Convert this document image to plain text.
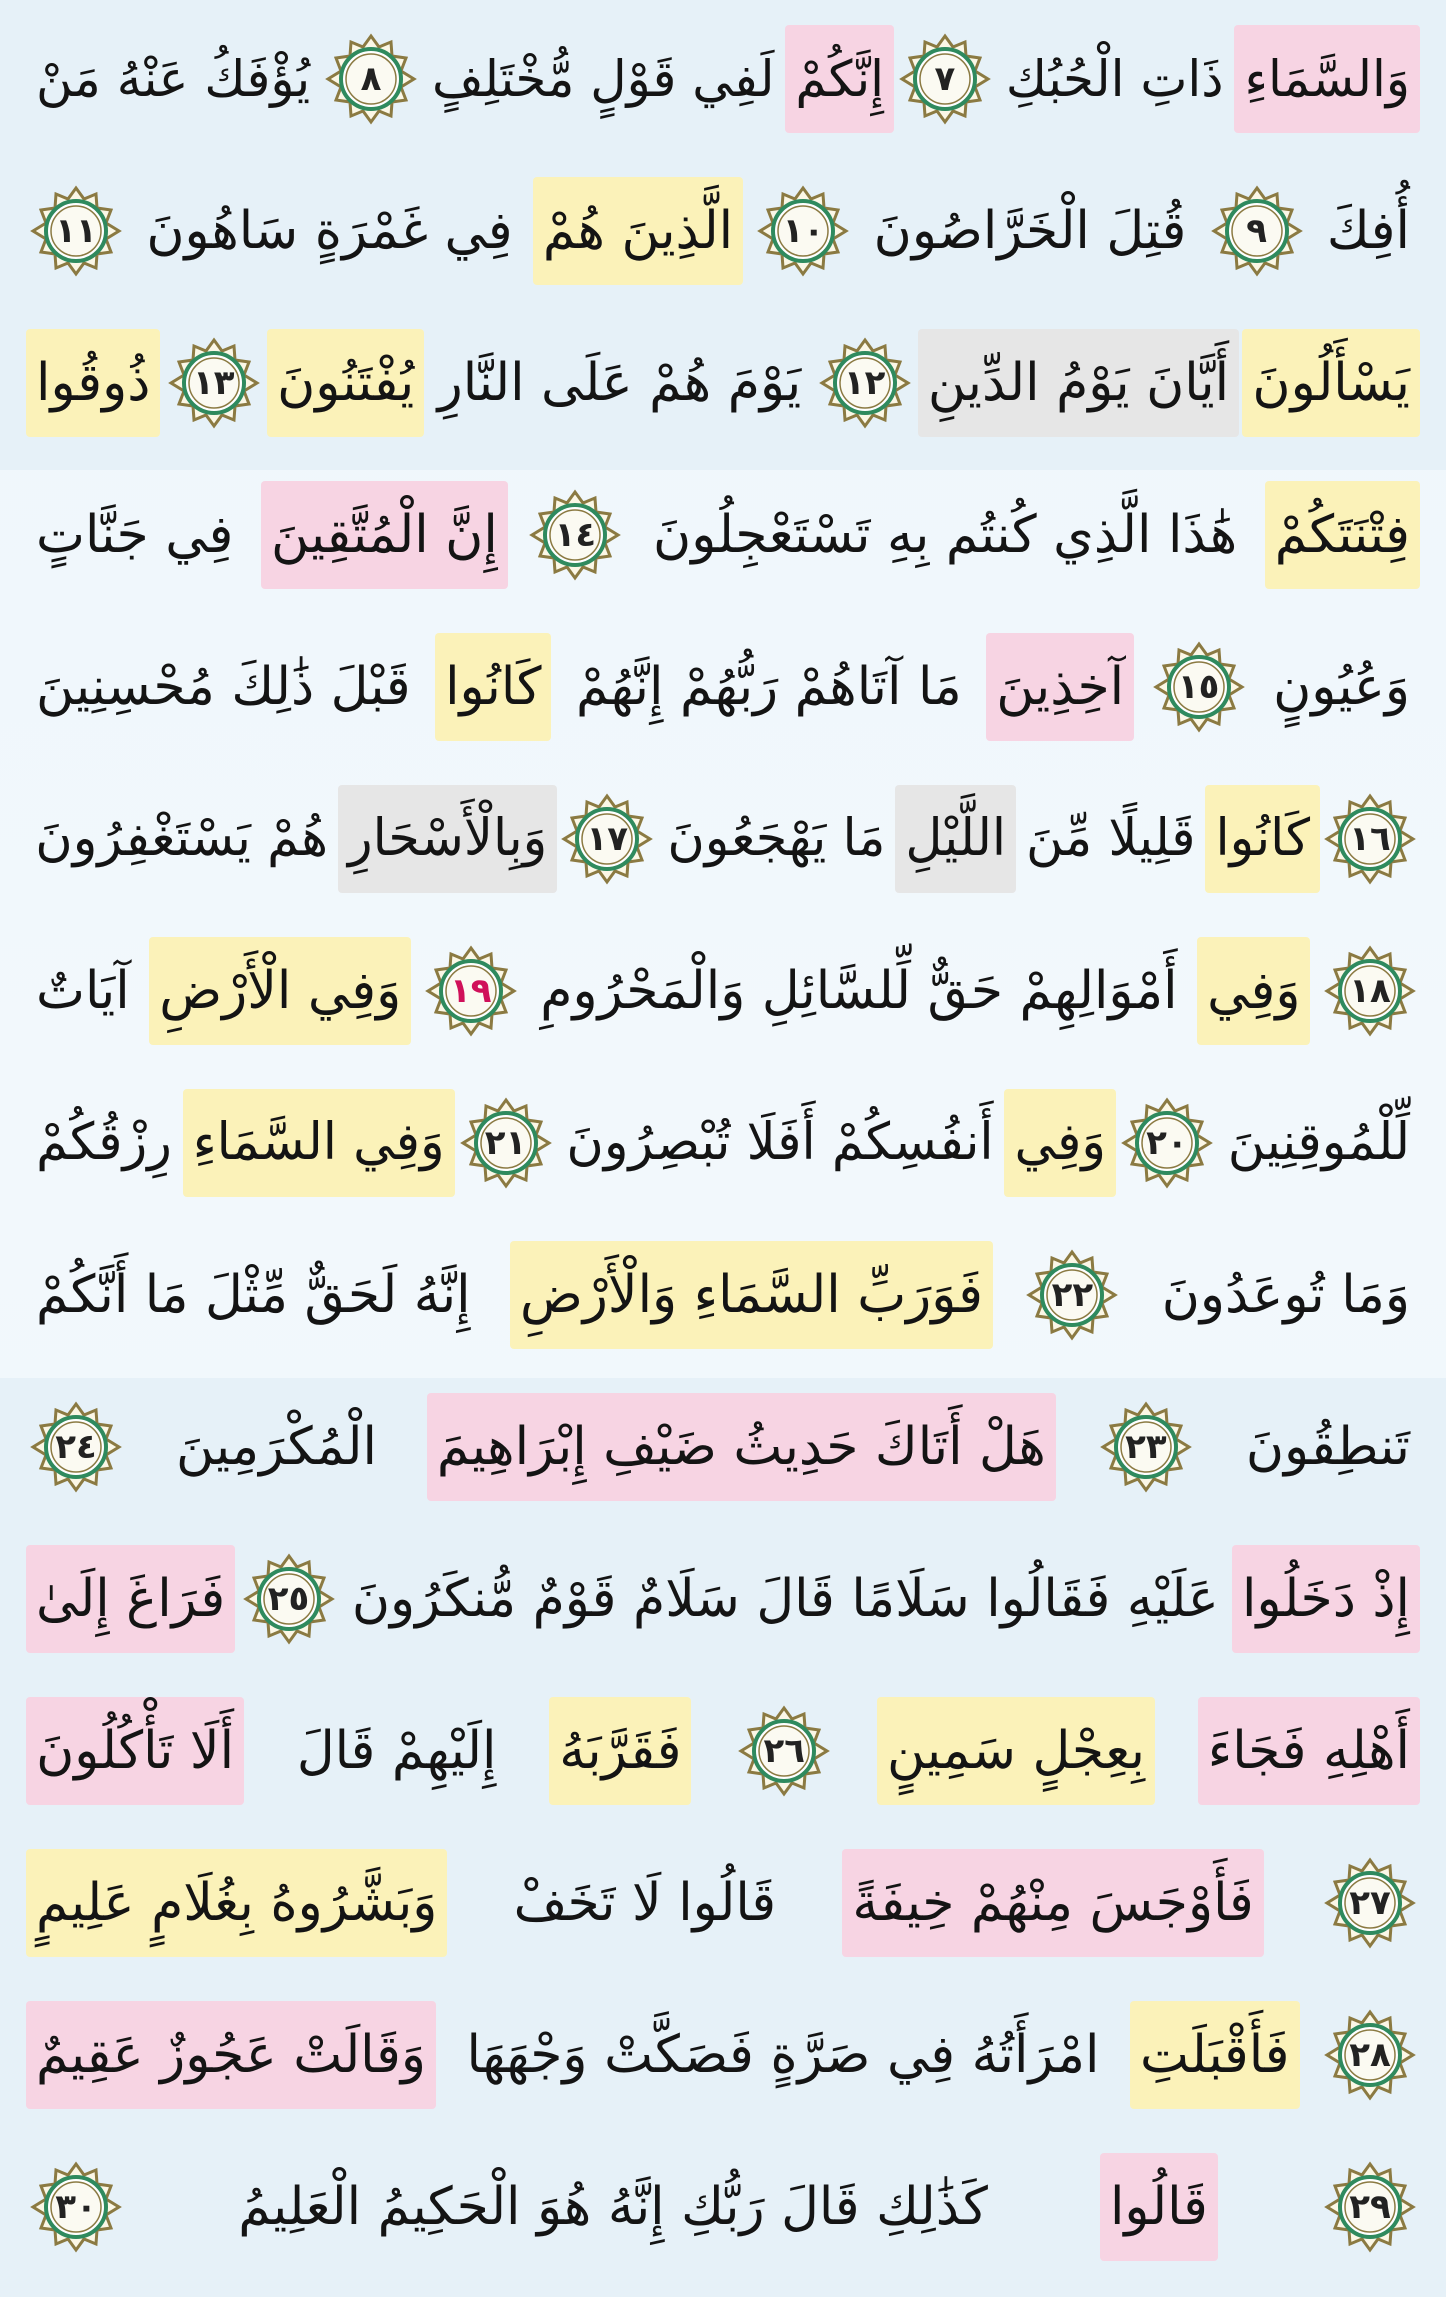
وَالسَّمَاءِ
ذَاتِ الْحُبُكِ
٧
إِنَّكُمْ
لَفِي قَوْلٍ مُّخْتَلِفٍ
٨
يُؤْفَكُ عَنْهُ مَنْ
أُفِكَ
٩
قُتِلَ الْخَرَّاصُونَ
١٠
الَّذِينَ هُمْ
فِي غَمْرَةٍ سَاهُونَ
١١
يَسْأَلُونَ
أَيَّانَ يَوْمُ الدِّينِ
١٢
يَوْمَ هُمْ عَلَى النَّارِ
يُفْتَنُونَ
١٣
ذُوقُوا
فِتْنَتَكُمْ
هَٰذَا الَّذِي كُنتُم بِهِ تَسْتَعْجِلُونَ
١٤
إِنَّ الْمُتَّقِينَ
فِي جَنَّاتٍ
وَعُيُونٍ
١٥
آخِذِينَ
مَا آتَاهُمْ رَبُّهُمْ إِنَّهُمْ
كَانُوا
قَبْلَ ذَٰلِكَ مُحْسِنِينَ
١٦
كَانُوا
قَلِيلًا مِّنَ
اللَّيْلِ
مَا يَهْجَعُونَ
١٧
وَبِالْأَسْحَارِ
هُمْ يَسْتَغْفِرُونَ
١٨
وَفِي
أَمْوَالِهِمْ حَقٌّ لِّلسَّائِلِ وَالْمَحْرُومِ
١٩
وَفِي الْأَرْضِ
آيَاتٌ
لِّلْمُوقِنِينَ
٢٠
وَفِي
أَنفُسِكُمْ أَفَلَا تُبْصِرُونَ
٢١
وَفِي السَّمَاءِ
رِزْقُكُمْ
وَمَا تُوعَدُونَ
٢٢
فَوَرَبِّ السَّمَاءِ وَالْأَرْضِ
إِنَّهُ لَحَقٌّ مِّثْلَ مَا أَنَّكُمْ
تَنطِقُونَ
٢٣
هَلْ أَتَاكَ حَدِيثُ ضَيْفِ إِبْرَاهِيمَ
الْمُكْرَمِينَ
٢٤
إِذْ دَخَلُوا
عَلَيْهِ فَقَالُوا سَلَامًا قَالَ سَلَامٌ قَوْمٌ مُّنكَرُونَ
٢٥
فَرَاغَ إِلَىٰ
أَهْلِهِ فَجَاءَ
بِعِجْلٍ سَمِينٍ
٢٦
فَقَرَّبَهُ
إِلَيْهِمْ قَالَ
أَلَا تَأْكُلُونَ
٢٧
فَأَوْجَسَ مِنْهُمْ خِيفَةً
قَالُوا لَا تَخَفْ
وَبَشَّرُوهُ بِغُلَامٍ عَلِيمٍ
٢٨
فَأَقْبَلَتِ
امْرَأَتُهُ فِي صَرَّةٍ فَصَكَّتْ وَجْهَهَا
وَقَالَتْ عَجُوزٌ عَقِيمٌ
٢٩
قَالُوا
كَذَٰلِكِ قَالَ رَبُّكِ إِنَّهُ هُوَ الْحَكِيمُ الْعَلِيمُ
٣٠
